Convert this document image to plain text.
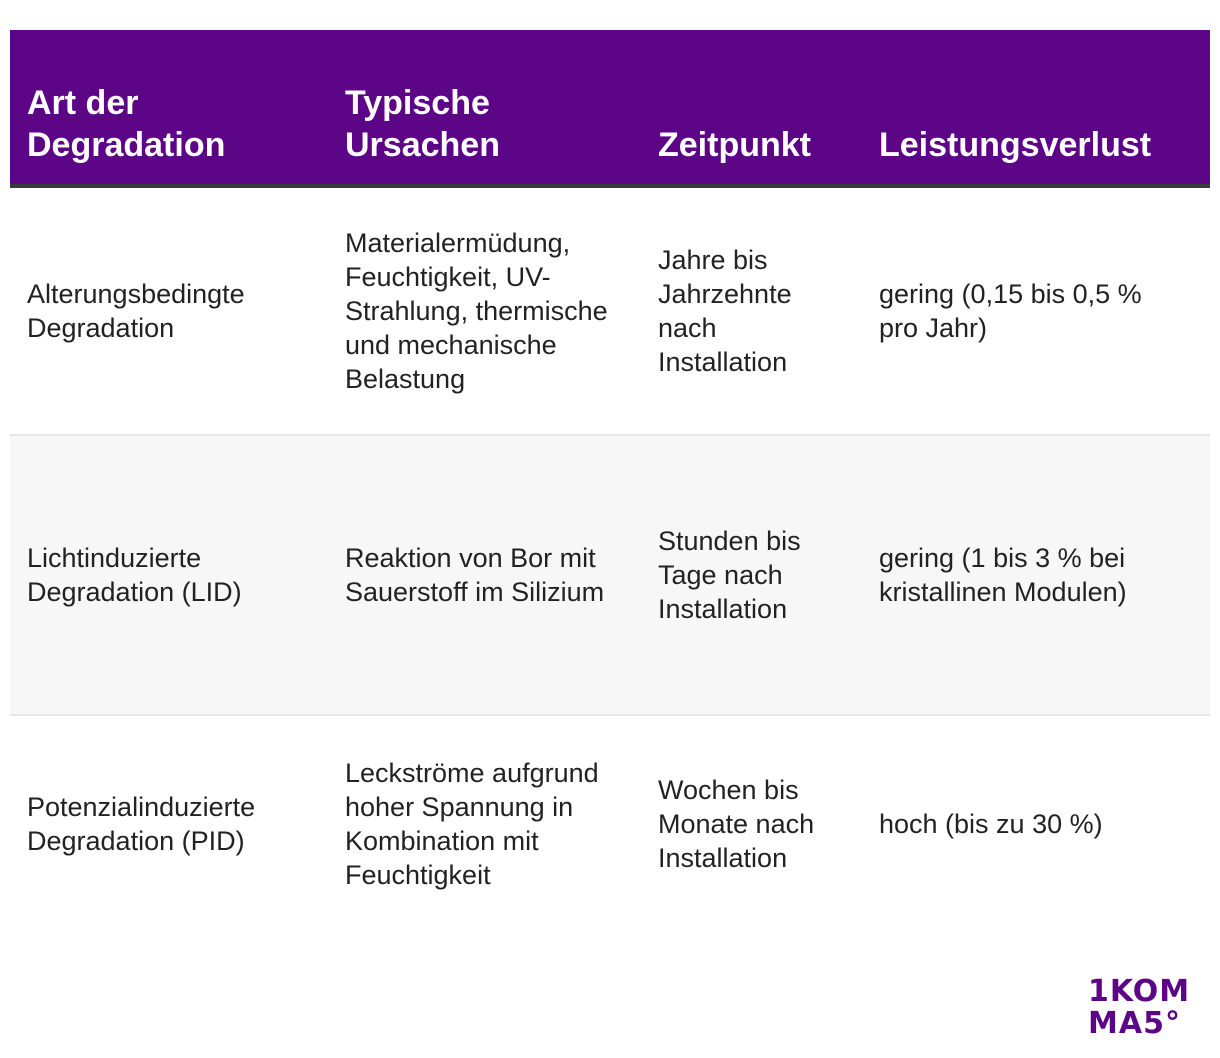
Art der Degradation
Typische Ursachen	Zeitpunkt	Leistungsverlust
Alterungsbedingte Degradation
Materialermüdung, Feuchtigkeit, UV-Strahlung, thermische und mechanische Belastung
Jahre bis Jahrzehnte nach Installation
gering (0,15 bis 0,5 % pro Jahr)
Lichtinduzierte Degradation (LID)
Reaktion von Bor mit Sauerstoff im Silizium
Stunden bis Tage nach Installation
gering (1 bis 3 % bei kristallinen Modulen)
Potenzialinduzierte Degradation (PID)
Leckströme aufgrund hoher Spannung in Kombination mit Feuchtigkeit
Wochen bis Monate nach Installation
hoch (bis zu 30 %)
1KOM
MA5°
